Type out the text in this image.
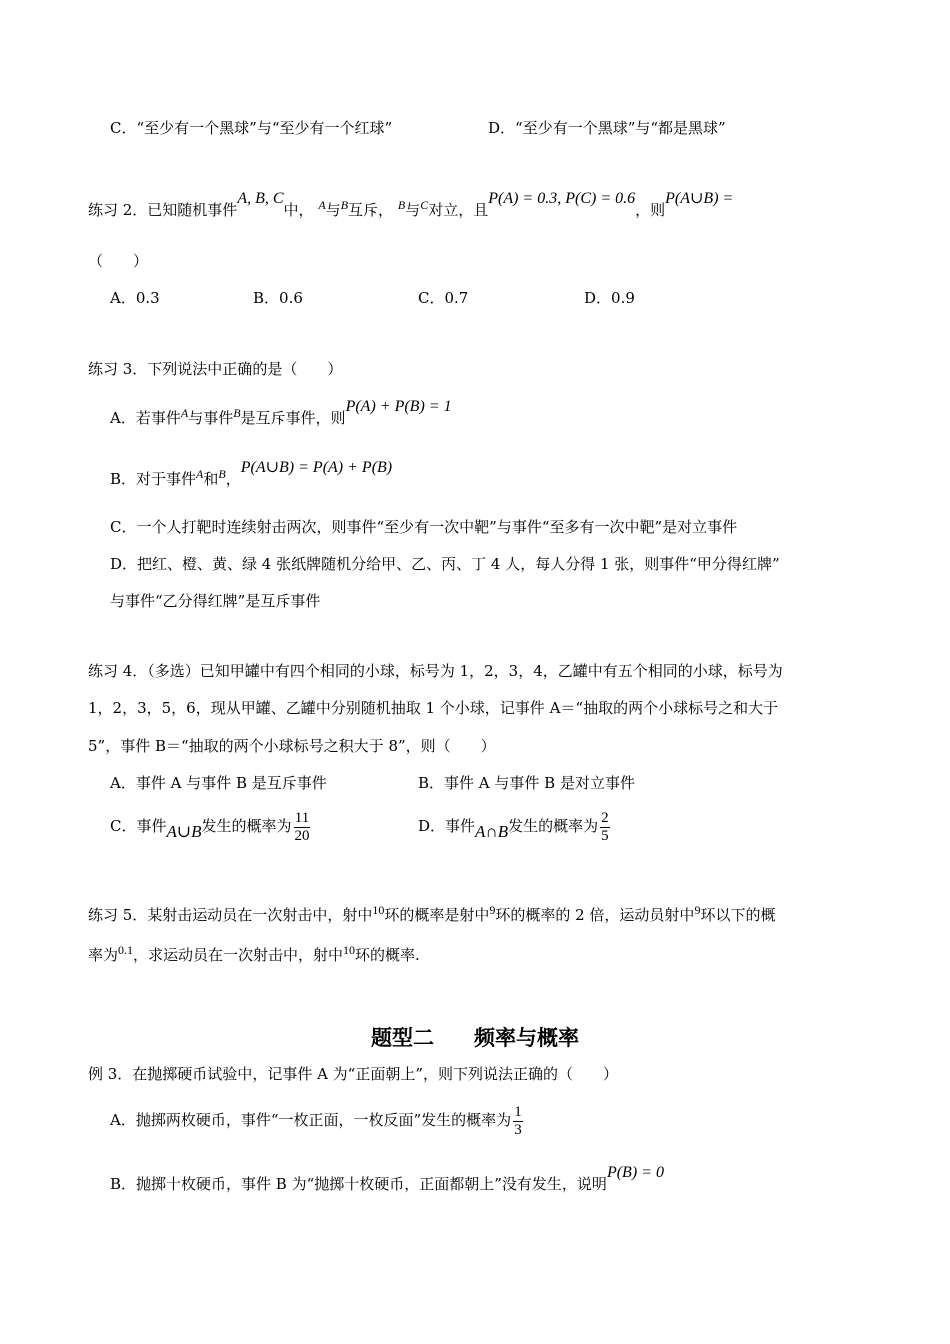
C．“至少有一个黑球”与“至少有一个红球”	D．“至少有一个黑球”与“都是黑球”
练习 2．已知随机事件A, B, C中， $^A$与$^B$互斥， $^B$与$^C$对立，且P(A) = 0.3, P(C) = 0.6，则P(A∪B) =
（　　）
A．0.3	B．0.6	C．0.7	D．0.9
练习 3．下列说法中正确的是（　　）
A．若事件$^A$与事件$^B$是互斥事件，则P(A) + P(B) = 1
B．对于事件$^A$和$^B$，P(A∪B) = P(A) + P(B)
C．一个人打靶时连续射击两次，则事件“至少有一次中靶”与事件“至多有一次中靶”是对立事件
D．把红、橙、黄、绿 4 张纸牌随机分给甲、乙、丙、丁 4 人，每人分得 1 张，则事件“甲分得红牌”
与事件“乙分得红牌”是互斥事件
练习 4．（多选）已知甲罐中有四个相同的小球，标号为 1，2，3，4，乙罐中有五个相同的小球，标号为
1，2，3，5，6，现从甲罐、乙罐中分别随机抽取 1 个小球，记事件 A＝“抽取的两个小球标号之和大于
5”，事件 B＝“抽取的两个小球标号之积大于 8”，则（　　）
A．事件 A 与事件 B 是互斥事件	B．事件 A 与事件 B 是对立事件
C．事件A∪B发生的概率为 $\frac{11}{20}$	D．事件A∩B发生的概率为 $\frac{2}{5}$
练习 5．某射击运动员在一次射击中，射中$^{10}$环的概率是射中$^9$环的概率的 2 倍，运动员射中$^9$环以下的概
率为$^{0.1}$，求运动员在一次射击中，射中$^{10}$环的概率.
题型二 频率与概率
例 3．在抛掷硬币试验中，记事件 A 为“正面朝上”，则下列说法正确的（　　）
A．抛掷两枚硬币，事件“一枚正面，一枚反面”发生的概率为 $\frac{1}{3}$
B．抛掷十枚硬币，事件 B 为“抛掷十枚硬币，正面都朝上”没有发生，说明P(B) = 0
